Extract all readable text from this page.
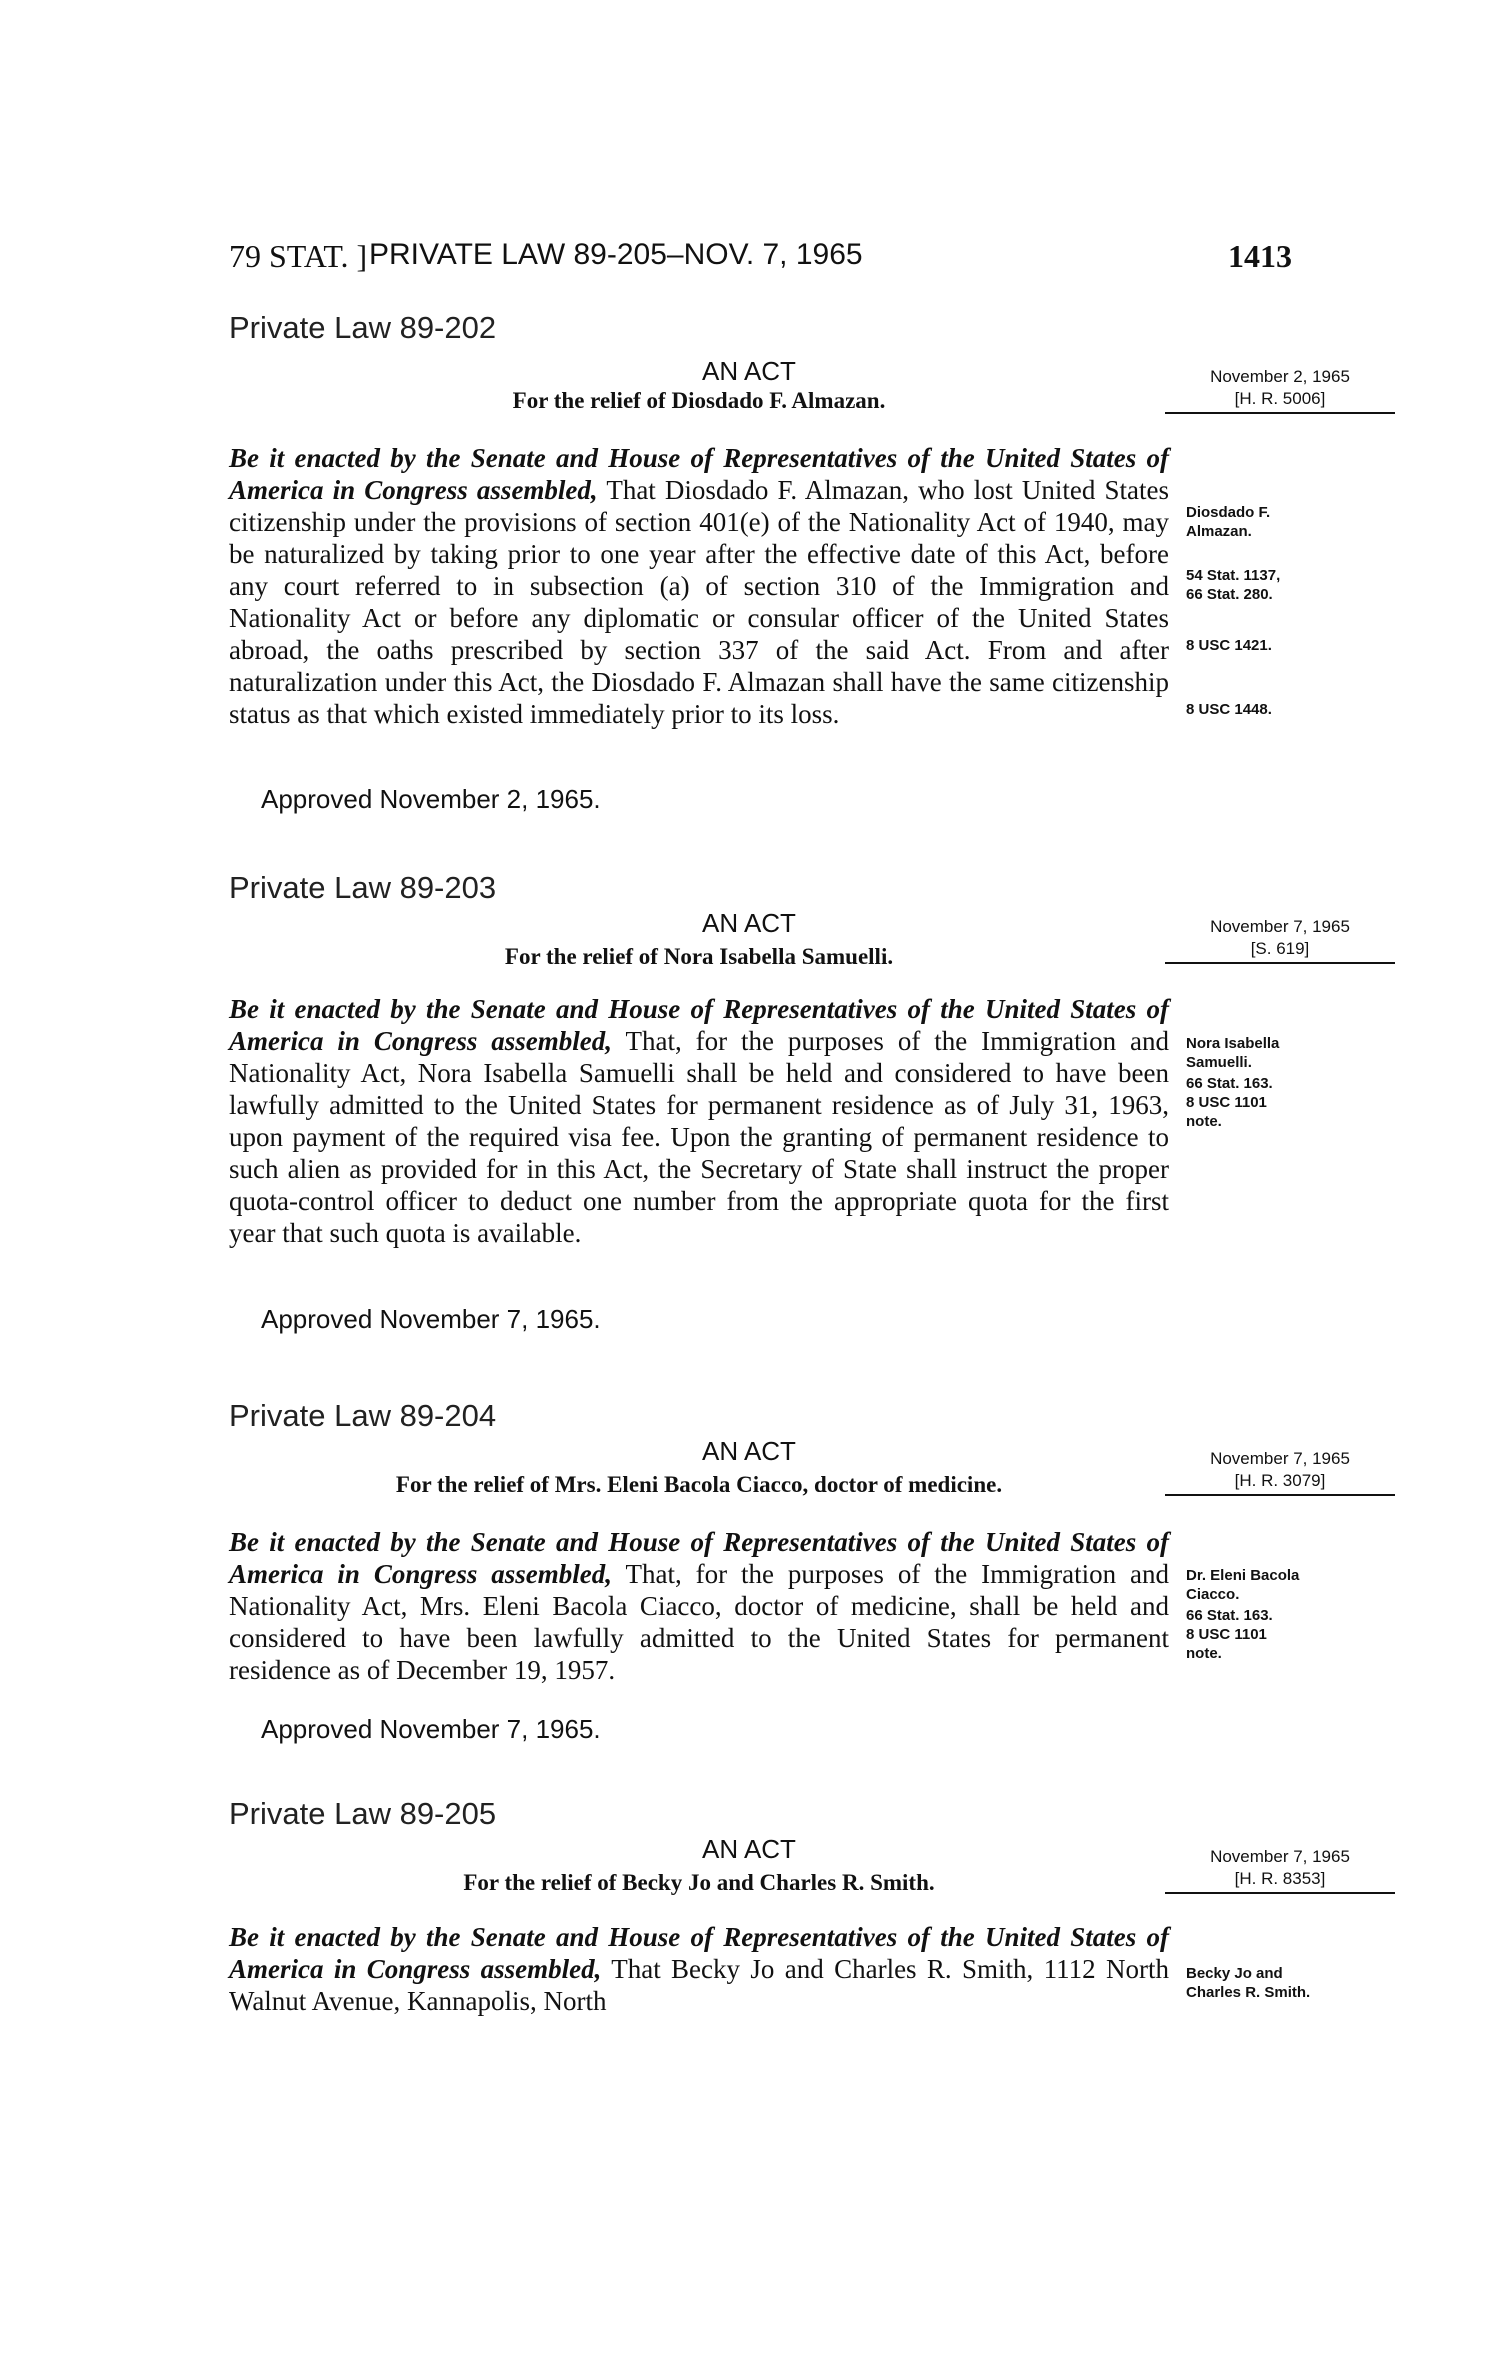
79 STAT. ] PRIVATE LAW 89-205–NOV. 7, 1965	1413
Private Law 89-202
AN ACT
For the relief of Diosdado F. Almazan.
November 2, 1965
[H. R. 5006]
Be it enacted by the Senate and House of Representatives of the United States of America in Congress assembled, That Diosdado F. Almazan, who lost United States citizenship under the provisions of section 401(e) of the Nationality Act of 1940, may be naturalized by taking prior to one year after the effective date of this Act, before any court referred to in subsection (a) of section 310 of the Immigration and Nationality Act or before any diplomatic or consular officer of the United States abroad, the oaths prescribed by section 337 of the said Act. From and after naturalization under this Act, the Diosdado F. Almazan shall have the same citizenship status as that which existed immediately prior to its loss.
Approved November 2, 1965.
Diosdado F.
Almazan.
54 Stat. 1137,
66 Stat. 280.
8 USC 1421.
8 USC 1448.
Private Law 89-203
AN ACT
For the relief of Nora Isabella Samuelli.
November 7, 1965
[S. 619]
Be it enacted by the Senate and House of Representatives of the United States of America in Congress assembled, That, for the purposes of the Immigration and Nationality Act, Nora Isabella Samuelli shall be held and considered to have been lawfully admitted to the United States for permanent residence as of July 31, 1963, upon payment of the required visa fee. Upon the granting of permanent residence to such alien as provided for in this Act, the Secretary of State shall instruct the proper quota-control officer to deduct one number from the appropriate quota for the first year that such quota is available.
Approved November 7, 1965.
Nora Isabella
Samuelli.
66 Stat. 163.
8 USC 1101
note.
Private Law 89-204
AN ACT
For the relief of Mrs. Eleni Bacola Ciacco, doctor of medicine.
November 7, 1965
[H. R. 3079]
Be it enacted by the Senate and House of Representatives of the United States of America in Congress assembled, That, for the purposes of the Immigration and Nationality Act, Mrs. Eleni Bacola Ciacco, doctor of medicine, shall be held and considered to have been lawfully admitted to the United States for permanent residence as of December 19, 1957.
Approved November 7, 1965.
Dr. Eleni Bacola
Ciacco.
66 Stat. 163.
8 USC 1101
note.
Private Law 89-205
AN ACT
For the relief of Becky Jo and Charles R. Smith.
November 7, 1965
[H. R. 8353]
Be it enacted by the Senate and House of Representatives of the United States of America in Congress assembled, That Becky Jo and Charles R. Smith, 1112 North Walnut Avenue, Kannapolis, North
Becky Jo and
Charles R. Smith.
